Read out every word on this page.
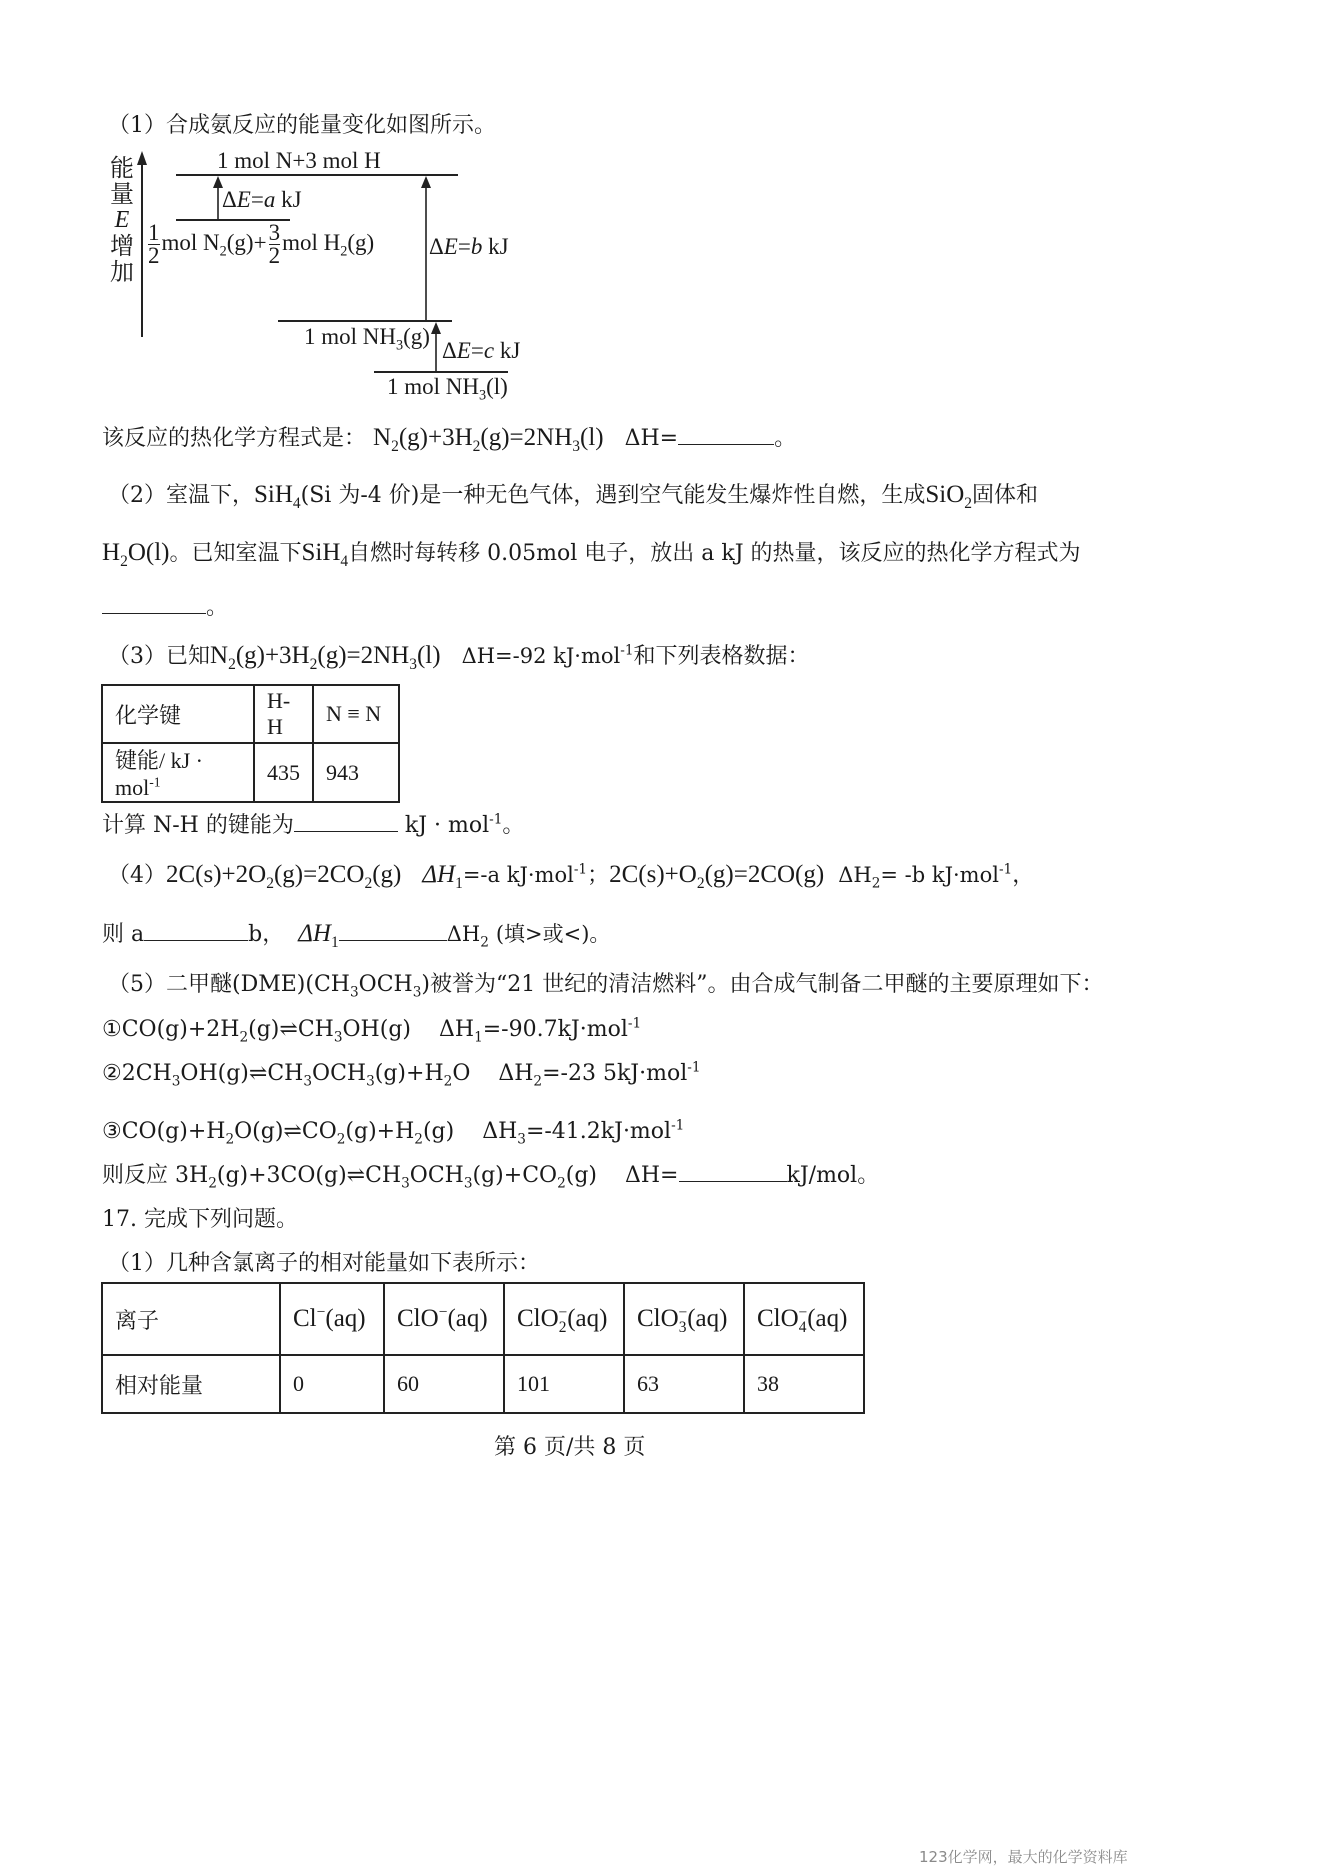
（1）合成氨反应的能量变化如图所示。
能
量
E
增
加
1 mol N+3 mol H
ΔE=a kJ
$\frac{1}{2}$ mol $N_2(g)+ \frac{3}{2}$ mol $H_2(g)$ ΔE=b kJ
1 mol $NH_3(g)$
ΔE=c kJ
1 mol $NH_3(l)$
该反应的热化学方程式是： $N_2(g)+3H_2(g)=2NH_3(l)$ ΔH=	。
（2）室温下，SiH$_4$(Si 为-4 价)是一种无色气体，遇到空气能发生爆炸性自燃，生成SiO$_2$固体和
$H_2O(l)$。已知室温下SiH$_4$自燃时每转移 0.05mol 电子，放出 a kJ 的热量，该反应的热化学方程式为
。
（3）已知$N_2(g)+3H_2(g)=2NH_3(l)$ ΔH=-92 kJ·mol$^{-1}$和下列表格数据：
化学键	H-H	N ≡ N
键能/ kJ · mol$^{-1}$	435	943
计算 N-H 的键能为	kJ · mol$^{-1}$。
$(4)2C(s)+2O_2(g)=2CO_2(g)$ $\Delta H_1=-a$ kJ·mol$^{-1}$；$2C(s)+O_2(g)=2CO(g)$ $\Delta H_2= -b$ kJ·mol$^{-1}$，
则 a	b， $\Delta H_1$	$\Delta H_2$ (填>或<)。
（5）二甲醚$(DME)(CH_3OCH_3)$被誉为“21 世纪的清洁燃料”。由合成气制备二甲醚的主要原理如下：
$①CO(g)+2H_2(g)\rightleftharpoons CH_3OH(g)$ $\Delta H_1=-90.7kJ\cdot mol^{-1}$
$②2CH_3OH(g)\rightleftharpoons CH_3OCH_3(g)+H_2O$ $\Delta H_2=-23$ 5kJ·mol$^{-1}$
$③CO(g)+H_2O(g)\rightleftharpoons CO_2(g)+H_2(g)$ $\Delta H_3=-41.2kJ\cdot mol^{-1}$
则反应 $3H_2(g)+3CO(g)\rightleftharpoons CH_3OCH_3(g)+CO_2(g)$ ΔH=	kJ/mol。
17. 完成下列问题。
（1）几种含氯离子的相对能量如下表所示：
离子	Cl−(aq)	ClO−(aq)	ClO$_2$−(aq)	ClO$_3$−(aq)	ClO$_4$−(aq)
相对能量	0	60	101	63	38
第 6 页/共 8 页
123化学网，最大的化学资料库
